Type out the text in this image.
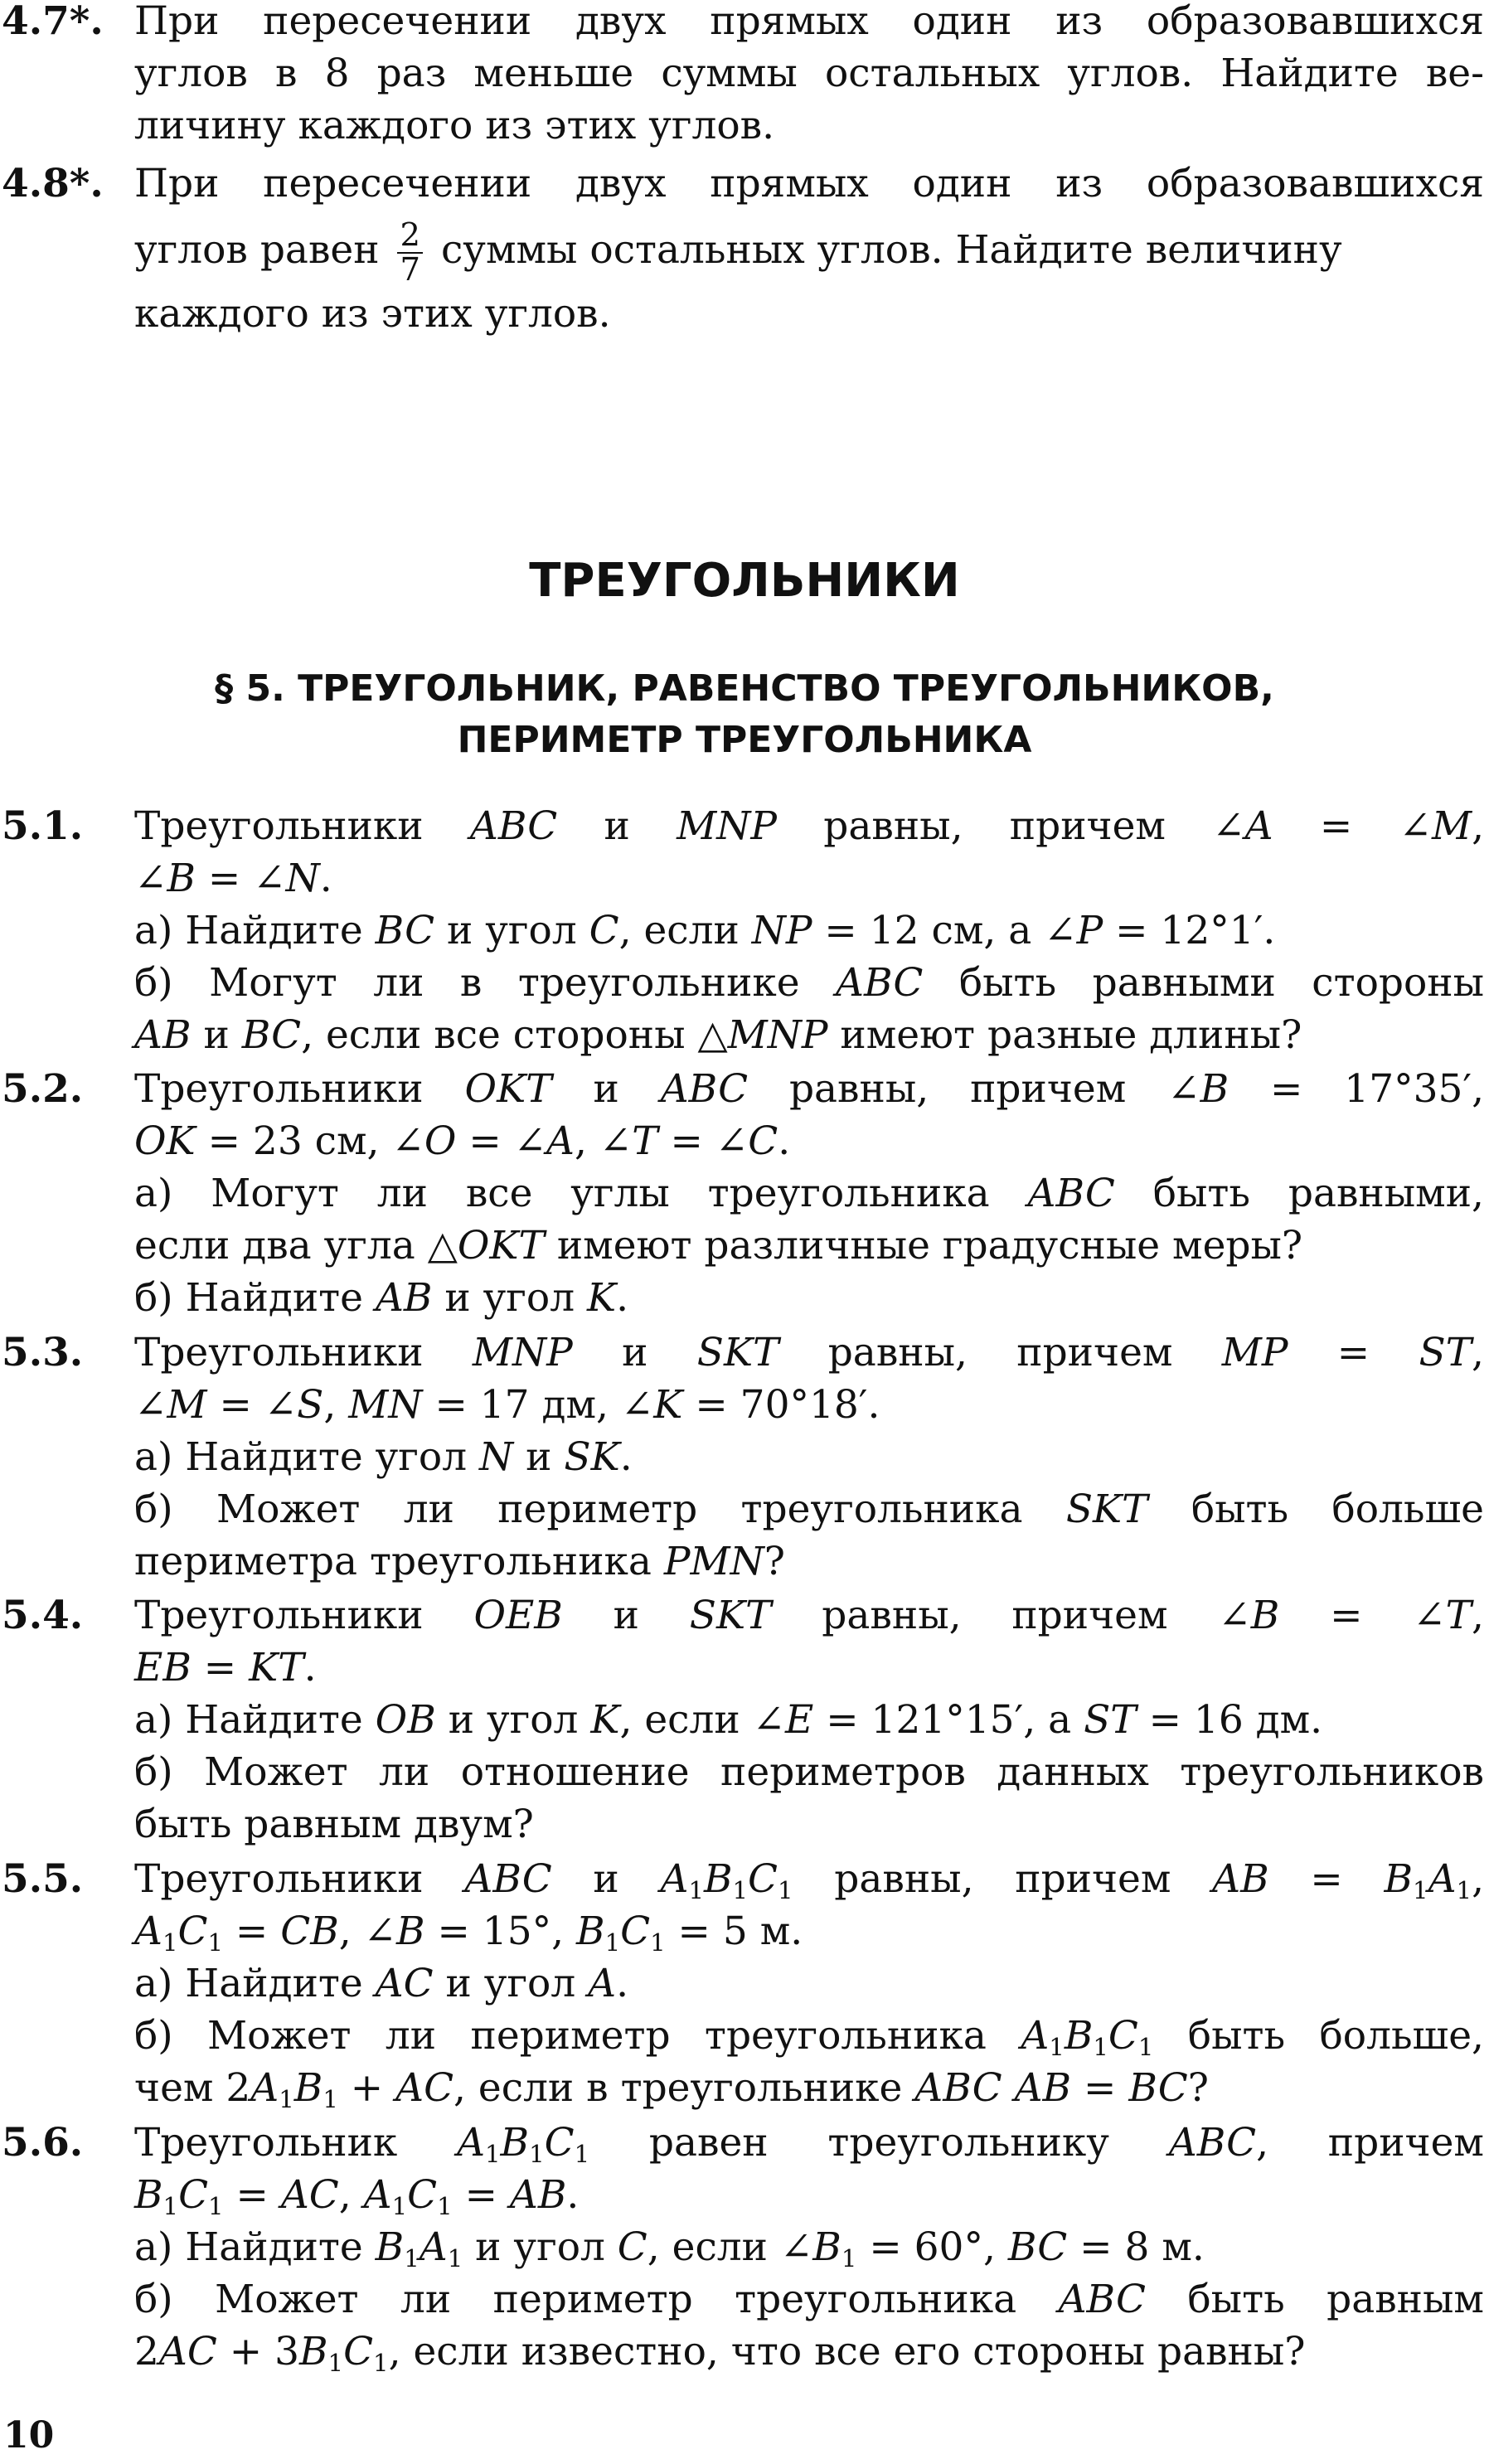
4.7*. При пересечении двух прямых один из образовавшихся
углов в 8 раз меньше суммы остальных углов. Найдите ве-
личину каждого из этих углов.
4.8*. При пересечении двух прямых один из образовавшихся
углов равен $\frac{2}{7}$ суммы остальных углов. Найдите величину
каждого из этих углов.
ТРЕУГОЛЬНИКИ
§ 5. ТРЕУГОЛЬНИК, РАВЕНСТВО ТРЕУГОЛЬНИКОВ,
ПЕРИМЕТР ТРЕУГОЛЬНИКА
5.1. Треугольники ABC и MNP равны, причем ∠A = ∠M,
∠B = ∠N.
а) Найдите BC и угол C, если NP = 12 см, а ∠P = 12°1′.
б) Могут ли в треугольнике ABC быть равными стороны
AB и BC, если все стороны △MNP имеют разные длины?
5.2. Треугольники OKT и ABC равны, причем ∠B = 17°35′,
OK = 23 см, ∠O = ∠A, ∠T = ∠C.
а) Могут ли все углы треугольника ABC быть равными,
если два угла △OKT имеют различные градусные меры?
б) Найдите AB и угол K.
5.3. Треугольники MNP и SKT равны, причем MP = ST,
∠M = ∠S, MN = 17 дм, ∠K = 70°18′.
а) Найдите угол N и SK.
б) Может ли периметр треугольника SKT быть больше
периметра треугольника PMN?
5.4. Треугольники OEB и SKT равны, причем ∠B = ∠T,
EB = KT.
а) Найдите OB и угол K, если ∠E = 121°15′, а ST = 16 дм.
б) Может ли отношение периметров данных треугольников
быть равным двум?
5.5. Треугольники ABC и $A_1B_1C_1$ равны, причем AB = $B_1A_1$,
$A_1C_1$ = CB, ∠B = 15°, $B_1C_1 = 5$ м.
а) Найдите AC и угол A.
б) Может ли периметр треугольника $A_1B_1C_1$ быть больше,
чем $2A_1B_1$ + AC, если в треугольнике ABC AB = BC?
5.6. Треугольник $A_1B_1C_1$ равен треугольнику ABC, причем
$B_1C_1$ = AC, $A_1C_1$ = AB.
а) Найдите $B_1A_1$ и угол C, если $\angle B_1 = 60^\circ$, BC = 8 м.
б) Может ли периметр треугольника ABC быть равным
$2AC + 3B_1C_1$, если известно, что все его стороны равны?
10
